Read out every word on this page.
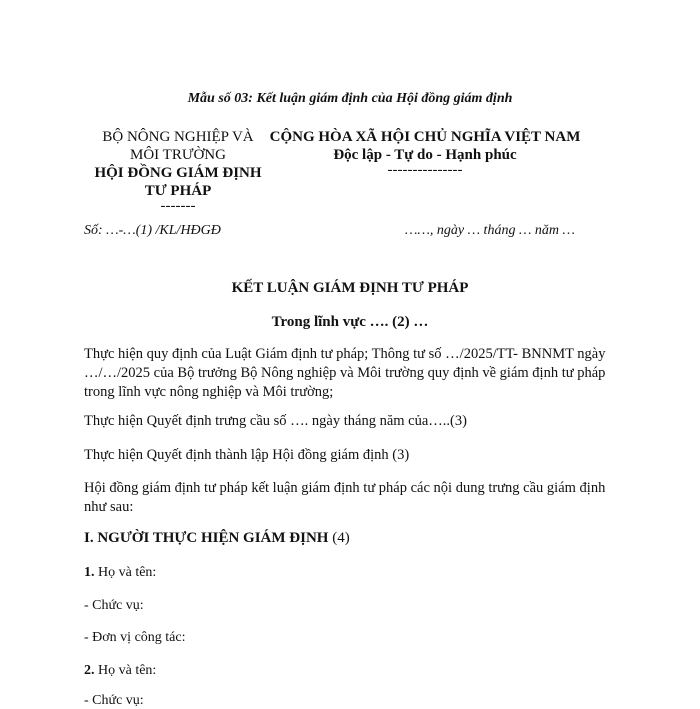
Mẫu số 03: Kết luận giám định của Hội đồng giám định
BỘ NÔNG NGHIỆP VÀ
MÔI TRƯỜNG
HỘI ĐỒNG GIÁM ĐỊNH
TƯ PHÁP
-------
Số: …-…(1) /KL/HĐGĐ
CỘNG HÒA XÃ HỘI CHỦ NGHĨA VIỆT NAM
Độc lập - Tự do - Hạnh phúc
---------------
……, ngày … tháng … năm …
KẾT LUẬN GIÁM ĐỊNH TƯ PHÁP
Trong lĩnh vực …. (2) …
Thực hiện quy định của Luật Giám định tư pháp; Thông tư số …/2025/TT- BNNMT ngày …/…/2025 của Bộ trưởng Bộ Nông nghiệp và Môi trường quy định về giám định tư pháp trong lĩnh vực nông nghiệp và Môi trường;
Thực hiện Quyết định trưng cầu số …. ngày tháng năm của…..(3)
Thực hiện Quyết định thành lập Hội đồng giám định (3)
Hội đồng giám định tư pháp kết luận giám định tư pháp các nội dung trưng cầu giám định như sau:
I. NGƯỜI THỰC HIỆN GIÁM ĐỊNH (4)
1. Họ và tên:
- Chức vụ:
- Đơn vị công tác:
2. Họ và tên:
- Chức vụ:
